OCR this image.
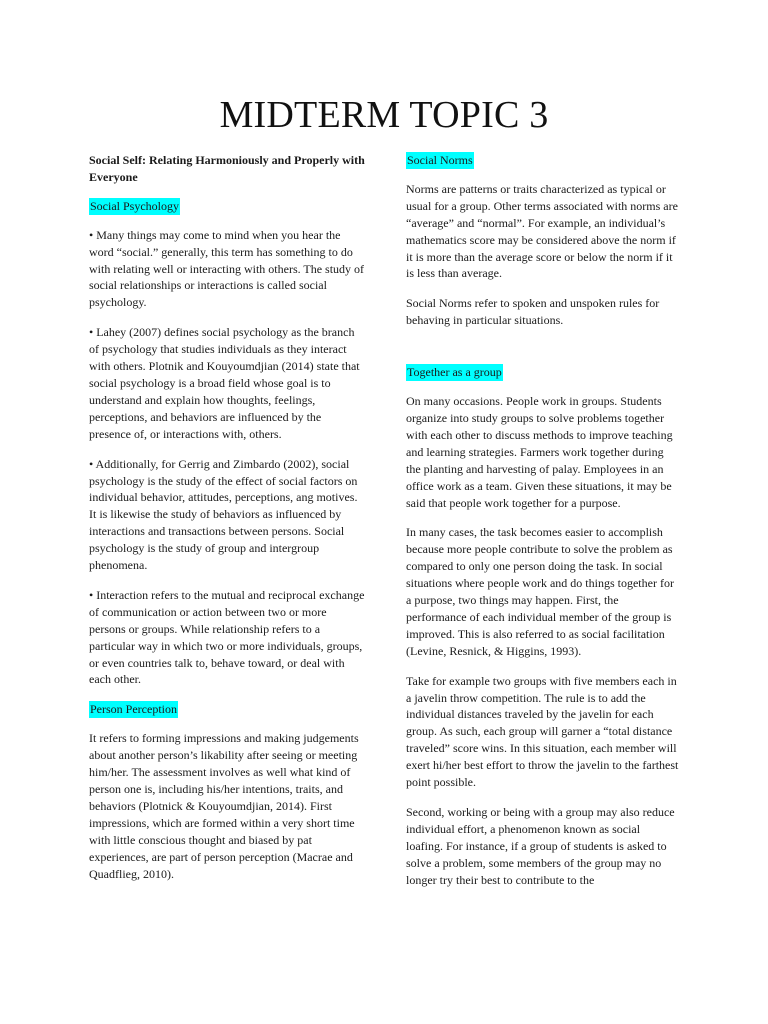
MIDTERM TOPIC 3

Social Self: Relating Harmoniously and Properly with Everyone

Social Psychology

• Many things may come to mind when you hear the word “social.” generally, this term has something to do with relating well or interacting with others. The study of social relationships or interactions is called social psychology.

• Lahey (2007) defines social psychology as the branch of psychology that studies individuals as they interact with others. Plotnik and Kouyoumdjian (2014) state that social psychology is a broad field whose goal is to understand and explain how thoughts, feelings, perceptions, and behaviors are influenced by the presence of, or interactions with, others.

• Additionally, for Gerrig and Zimbardo (2002), social psychology is the study of the effect of social factors on individual behavior, attitudes, perceptions, ang motives. It is likewise the study of behaviors as influenced by interactions and transactions between persons. Social psychology is the study of group and intergroup phenomena.

• Interaction refers to the mutual and reciprocal exchange of communication or action between two or more persons or groups. While relationship refers to a particular way in which two or more individuals, groups, or even countries talk to, behave toward, or deal with each other.

Person Perception

It refers to forming impressions and making judgements about another person’s likability after seeing or meeting him/her. The assessment involves as well what kind of person one is, including his/her intentions, traits, and behaviors (Plotnick & Kouyoumdjian, 2014). First impressions, which are formed within a very short time with little conscious thought and biased by pat experiences, are part of person perception (Macrae and Quadflieg, 2010).

Social Norms

Norms are patterns or traits characterized as typical or usual for a group. Other terms associated with norms are “average” and “normal”. For example, an individual’s mathematics score may be considered above the norm if it is more than the average score or below the norm if it is less than average.

Social Norms refer to spoken and unspoken rules for behaving in particular situations.

Together as a group

On many occasions. People work in groups. Students organize into study groups to solve problems together with each other to discuss methods to improve teaching and learning strategies. Farmers work together during the planting and harvesting of palay. Employees in an office work as a team. Given these situations, it may be said that people work together for a purpose.

In many cases, the task becomes easier to accomplish because more people contribute to solve the problem as compared to only one person doing the task. In social situations where people work and do things together for a purpose, two things may happen. First, the performance of each individual member of the group is improved. This is also referred to as social facilitation (Levine, Resnick, & Higgins, 1993).

Take for example two groups with five members each in a javelin throw competition. The rule is to add the individual distances traveled by the javelin for each group. As such, each group will garner a “total distance traveled” score wins. In this situation, each member will exert hi/her best effort to throw the javelin to the farthest point possible.

Second, working or being with a group may also reduce individual effort, a phenomenon known as social loafing. For instance, if a group of students is asked to solve a problem, some members of the group may no longer try their best to contribute to the
